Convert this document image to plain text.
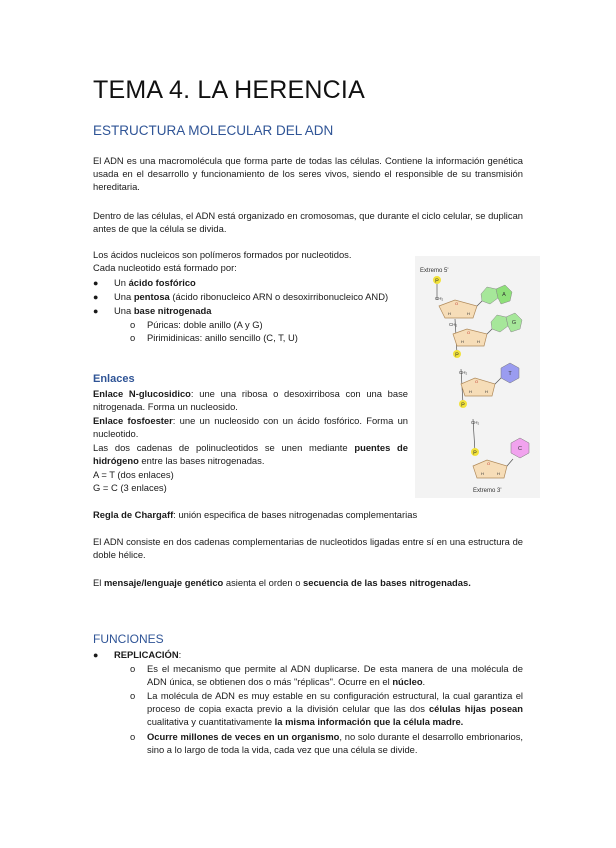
TEMA 4. LA HERENCIA
ESTRUCTURA MOLECULAR DEL ADN

El ADN es una macromolécula que forma parte de todas las células. Contiene la información genética usada en el desarrollo y funcionamiento de los seres vivos, siendo el responsible de su transmisión hereditaria.

Dentro de las células, el ADN está organizado en cromosomas, que durante el ciclo celular, se duplican antes de que la célula se divida.

Los ácidos nucleicos son polímeros formados por nucleotidos.
Cada nucleotido está formado por:
● Un ácido fosfórico
● Una pentosa (ácido ribonucleico ARN o desoxirribonucleico AND)
● Una base nitrogenada
o Púricas: doble anillo (A y G)
o Pirimidinicas: anillo sencillo (C, T, U)
Enlaces

Enlace N-glucosidico: une una ribosa o desoxirribosa con una base nitrogenada. Forma un nucleosido.

Enlace fosfoester: une un nucleosido con un ácido fosfórico. Forma un nucleotido.

Las dos cadenas de polinucleotidos se unen mediante puentes de hidrógeno entre las bases nitrogenadas.

A = T (dos enlaces)
G = C (3 enlaces)
Regla de Chargaff: unión especifica de bases nitrogenadas complementarias

El ADN consiste en dos cadenas complementarias de nucleotidos ligadas entre sí en una estructura de doble hélice.

El mensaje/lenguaje genético asienta el orden o secuencia de las bases nitrogenadas.
FUNCIONES
● REPLICACIÓN:
o Es el mecanismo que permite al ADN duplicarse. De esta manera de una molécula de ADN única, se obtienen dos o más "réplicas". Ocurre en el núcleo.
o La molécula de ADN es muy estable en su configuración estructural, la cual garantiza el proceso de copia exacta previo a la división celular que las dos células hijas posean cualitativa y cuantitativamente la misma información que la célula madre.
o Ocurre millones de veces en un organismo, no solo durante el desarrollo embrionarios, sino a lo largo de toda la vida, cada vez que una célula se divide.
Extremo 5'
Extremo 3'
P
CH₂
O
H	H
A
P
CH₂
O
H	H
G
P
CH₂
O
H	H
T
P
CH₂
O
H	H
C
